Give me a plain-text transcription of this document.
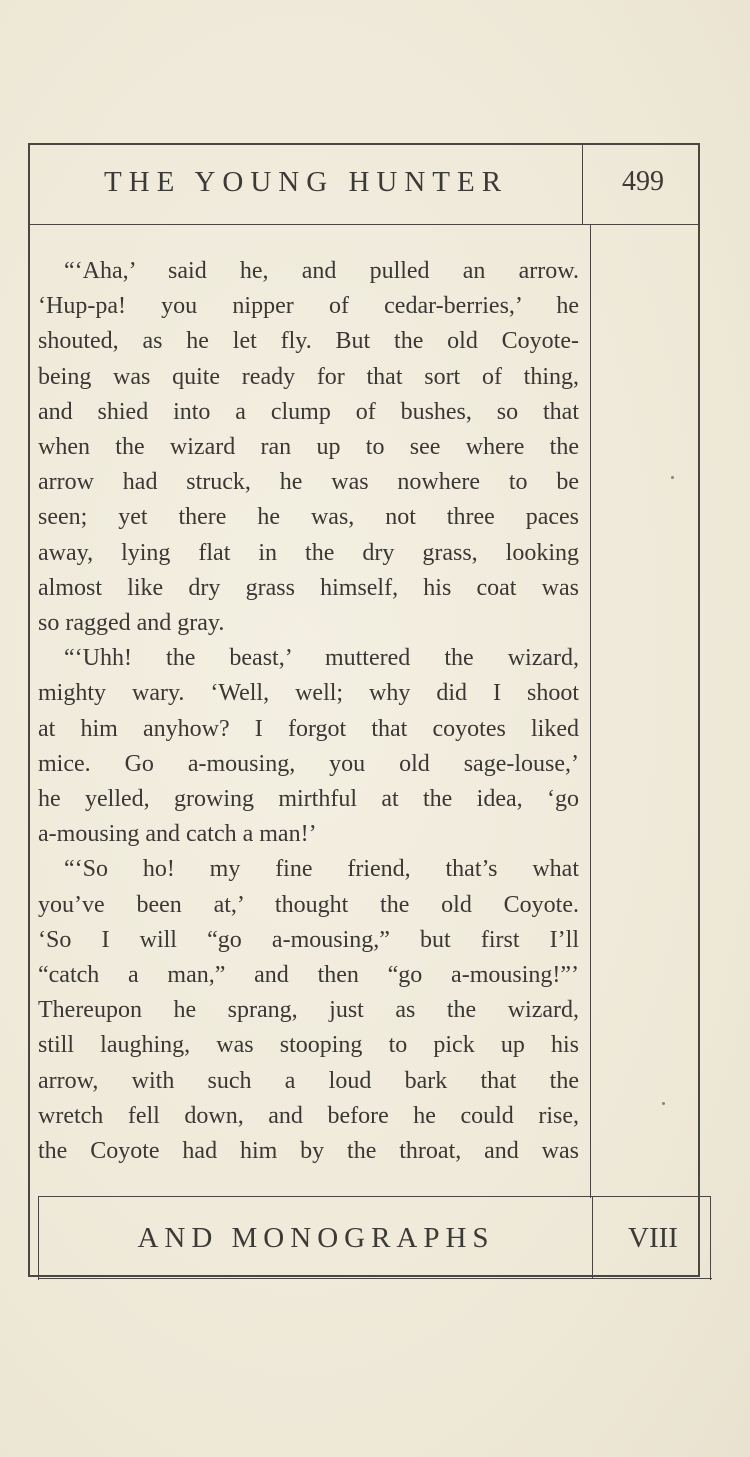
THE YOUNG HUNTER	499
“‘Aha,’ said he, and pulled an arrow.
‘Hup-pa! you nipper of cedar-berries,’ he
shouted, as he let fly. But the old Coyote-
being was quite ready for that sort of thing,
and shied into a clump of bushes, so that
when the wizard ran up to see where the
arrow had struck, he was nowhere to be
seen; yet there he was, not three paces
away, lying flat in the dry grass, looking
almost like dry grass himself, his coat was
so ragged and gray.
“‘Uhh! the beast,’ muttered the wizard,
mighty wary. ‘Well, well; why did I shoot
at him anyhow? I forgot that coyotes liked
mice. Go a-mousing, you old sage-louse,’
he yelled, growing mirthful at the idea, ‘go
a-mousing and catch a man!’
“‘So ho! my fine friend, that’s what
you’ve been at,’ thought the old Coyote.
‘So I will “go a-mousing,” but first I’ll
“catch a man,” and then “go a-mousing!”’
Thereupon he sprang, just as the wizard,
still laughing, was stooping to pick up his
arrow, with such a loud bark that the
wretch fell down, and before he could rise,
the Coyote had him by the throat, and was
AND MONOGRAPHS	VIII
